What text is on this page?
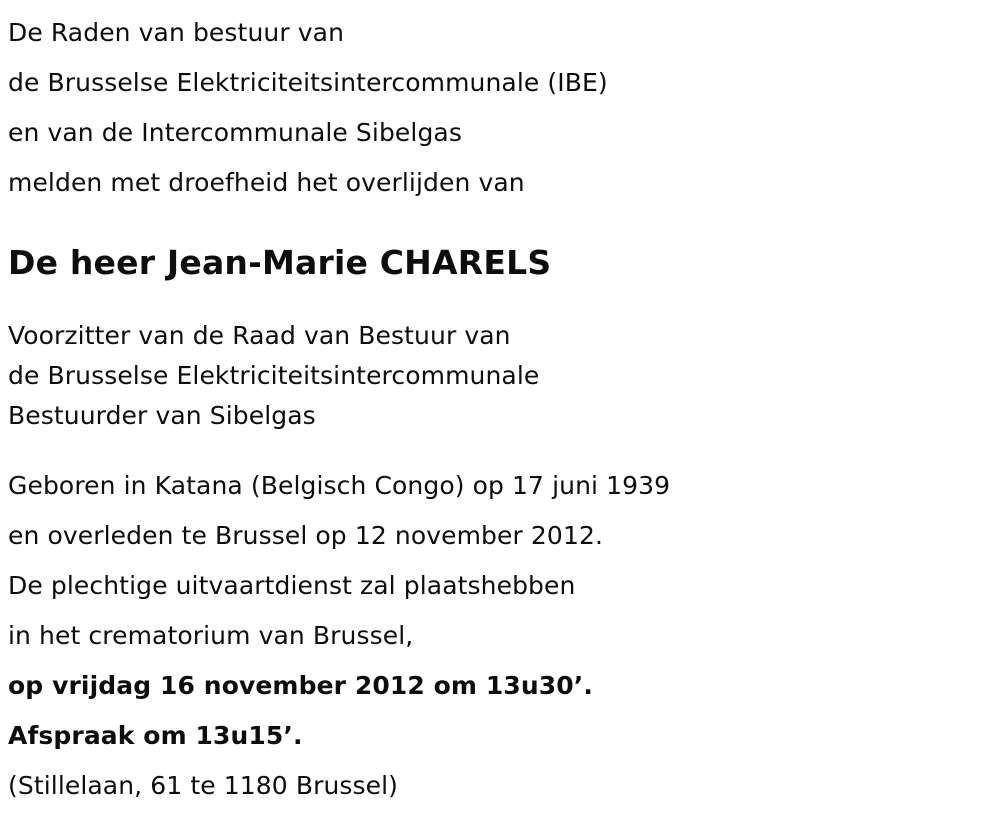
De Raden van bestuur van
de Brusselse Elektriciteitsintercommunale (IBE)
en van de Intercommunale Sibelgas
melden met droefheid het overlijden van
De heer Jean-Marie CHARELS
Voorzitter van de Raad van Bestuur van
de Brusselse Elektriciteitsintercommunale
Bestuurder van Sibelgas
Geboren in Katana (Belgisch Congo) op 17 juni 1939
en overleden te Brussel op 12 november 2012.
De plechtige uitvaartdienst zal plaatshebben
in het crematorium van Brussel,
op vrijdag 16 november 2012 om 13u30’.
Afspraak om 13u15’.
(Stillelaan, 61 te 1180 Brussel)
